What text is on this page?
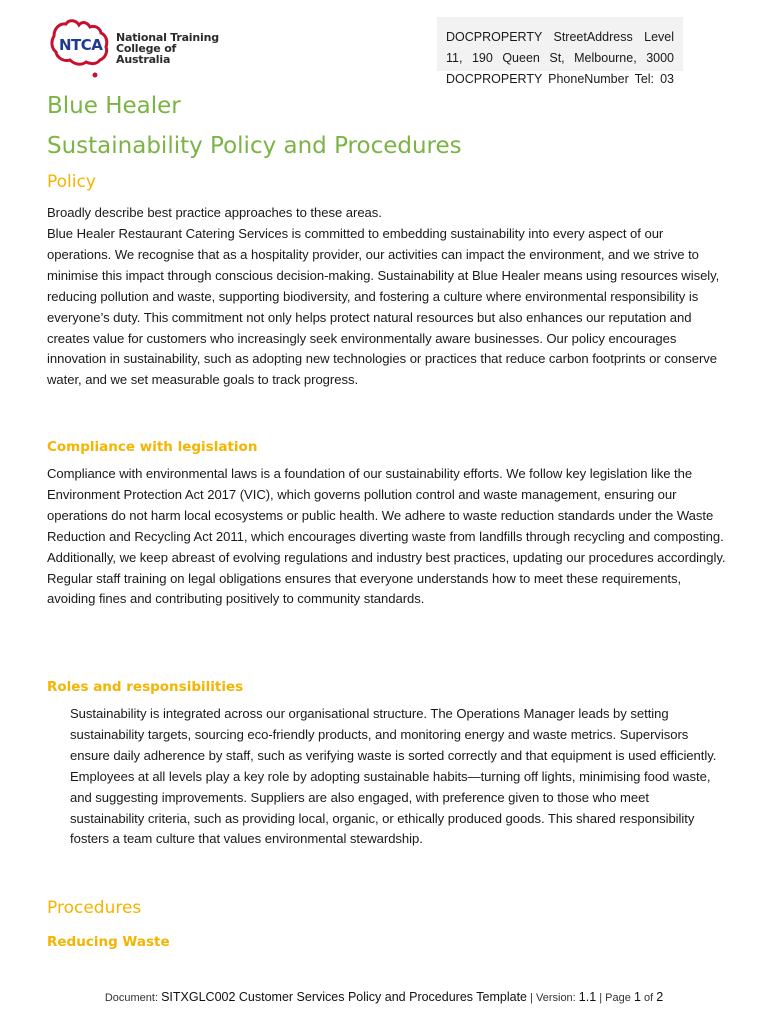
NTCA National Training
College of Australia

DOCPROPERTY StreetAddress Level 11, 190 Queen St, Melbourne, 3000 DOCPROPERTY PhoneNumber Tel: 03

Blue Healer
Sustainability Policy and Procedures
Policy

Broadly describe best practice approaches to these areas.

Blue Healer Restaurant Catering Services is committed to embedding sustainability into every aspect of our operations. We recognise that as a hospitality provider, our activities can impact the environment, and we strive to minimise this impact through conscious decision-making. Sustainability at Blue Healer means using resources wisely, reducing pollution and waste, supporting biodiversity, and fostering a culture where environmental responsibility is everyone’s duty. This commitment not only helps protect natural resources but also enhances our reputation and creates value for customers who increasingly seek environmentally aware businesses. Our policy encourages innovation in sustainability, such as adopting new technologies or practices that reduce carbon footprints or conserve water, and we set measurable goals to track progress.

Compliance with legislation

Compliance with environmental laws is a foundation of our sustainability efforts. We follow key legislation like the Environment Protection Act 2017 (VIC), which governs pollution control and waste management, ensuring our operations do not harm local ecosystems or public health. We adhere to waste reduction standards under the Waste Reduction and Recycling Act 2011, which encourages diverting waste from landfills through recycling and composting. Additionally, we keep abreast of evolving regulations and industry best practices, updating our procedures accordingly. Regular staff training on legal obligations ensures that everyone understands how to meet these requirements, avoiding fines and contributing positively to community standards.

Roles and responsibilities

Sustainability is integrated across our organisational structure. The Operations Manager leads by setting sustainability targets, sourcing eco-friendly products, and monitoring energy and waste metrics. Supervisors ensure daily adherence by staff, such as verifying waste is sorted correctly and that equipment is used efficiently. Employees at all levels play a key role by adopting sustainable habits—turning off lights, minimising food waste, and suggesting improvements. Suppliers are also engaged, with preference given to those who meet sustainability criteria, such as providing local, organic, or ethically produced goods. This shared responsibility fosters a team culture that values environmental stewardship.

Procedures
Reducing Waste
Document: SITXGLC002 Customer Services Policy and Procedures Template | Version: 1.1 | Page 1 of 2
